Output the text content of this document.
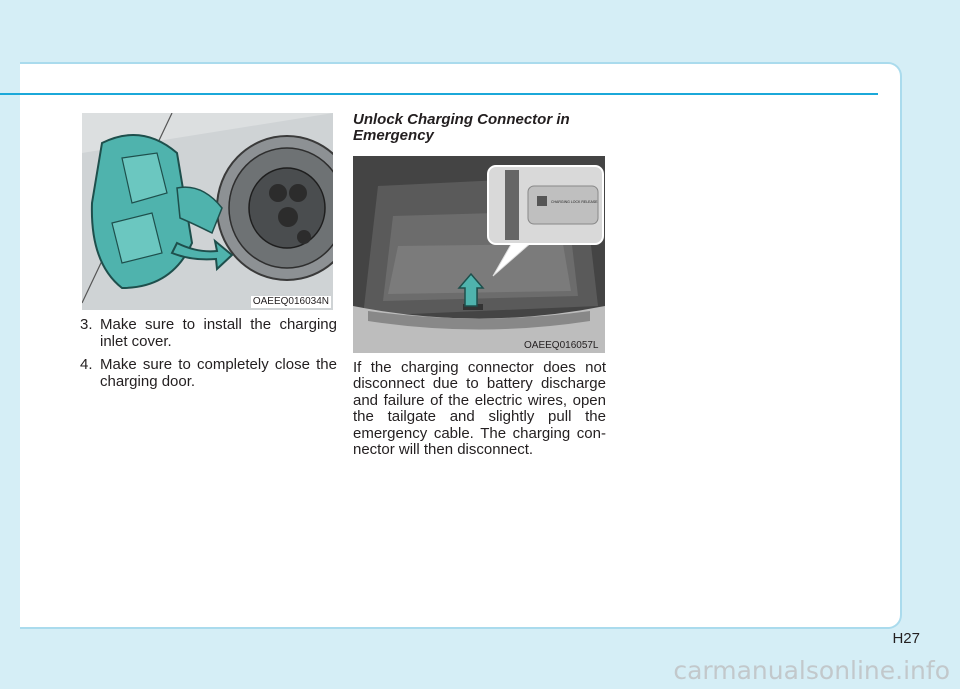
OAEEQ016034N
3. Make sure to install the charging inlet cover.
4. Make sure to completely close the charging door.
Unlock Charging Connector in Emergency
CHARGING LOCK RELEASE
OAEEQ016057L

If the charging connector does not disconnect due to battery discharge and failure of the electric wires, open the tailgate and slightly pull the emergency cable. The charging con-nector will then disconnect.

H27
carmanualsonline.info
